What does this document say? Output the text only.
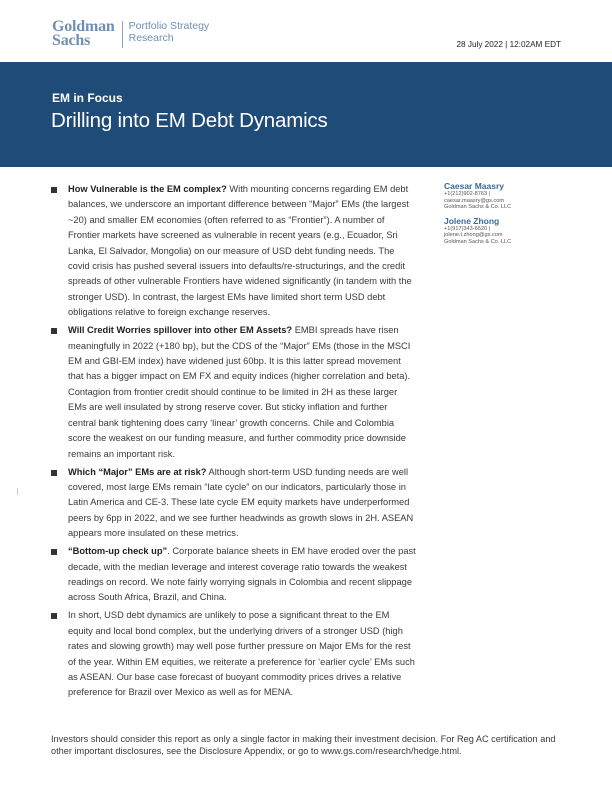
Goldman
Sachs
Portfolio Strategy
Research
28 July 2022 | 12:02AM EDT
EM in Focus
Drilling into EM Debt Dynamics
How Vulnerable is the EM complex? With mounting concerns regarding EM debt balances, we underscore an important difference between “Major” EMs (the largest ~20) and smaller EM economies (often referred to as “Frontier”). A number of Frontier markets have screened as vulnerable in recent years (e.g., Ecuador, Sri Lanka, El Salvador, Mongolia) on our measure of USD debt funding needs. The covid crisis has pushed several issuers into defaults/re-structurings, and the credit spreads of other vulnerable Frontiers have widened significantly (in tandem with the stronger USD). In contrast, the largest EMs have limited short term USD debt obligations relative to foreign exchange reserves.
Will Credit Worries spillover into other EM Assets? EMBI spreads have risen meaningfully in 2022 (+180 bp), but the CDS of the “Major” EMs (those in the MSCI EM and GBI-EM index) have widened just 60bp. It is this latter spread movement that has a bigger impact on EM FX and equity indices (higher correlation and beta). Contagion from frontier credit should continue to be limited in 2H as these larger EMs are well insulated by strong reserve cover. But sticky inflation and further central bank tightening does carry ‘linear’ growth concerns. Chile and Colombia score the weakest on our funding measure, and further commodity price downside remains an important risk.
Which “Major” EMs are at risk? Although short-term USD funding needs are well covered, most large EMs remain “late cycle” on our indicators, particularly those in Latin America and CE-3. These late cycle EM equity markets have underperformed peers by 6pp in 2022, and we see further headwinds as growth slows in 2H. ASEAN appears more insulated on these metrics.
“Bottom-up check up”. Corporate balance sheets in EM have eroded over the past decade, with the median leverage and interest coverage ratio towards the weakest readings on record. We note fairly worrying signals in Colombia and recent slippage across South Africa, Brazil, and China.
In short, USD debt dynamics are unlikely to pose a significant threat to the EM equity and local bond complex, but the underlying drivers of a stronger USD (high rates and slowing growth) may well pose further pressure on Major EMs for the rest of the year. Within EM equities, we reiterate a preference for ‘earlier cycle’ EMs such as ASEAN. Our base case forecast of buoyant commodity prices drives a relative preference for Brazil over Mexico as well as for MENA.
Caesar Maasry
+1(212)902-8763 |
caesar.maasry@gs.com
Goldman Sachs & Co. LLC
Jolene Zhong
+1(917)343-6520 |
jolene.t.zhong@gs.com
Goldman Sachs & Co. LLC
Investors should consider this report as only a single factor in making their investment decision. For Reg AC certification and other important disclosures, see the Disclosure Appendix, or go to www.gs.com/research/hedge.html.
